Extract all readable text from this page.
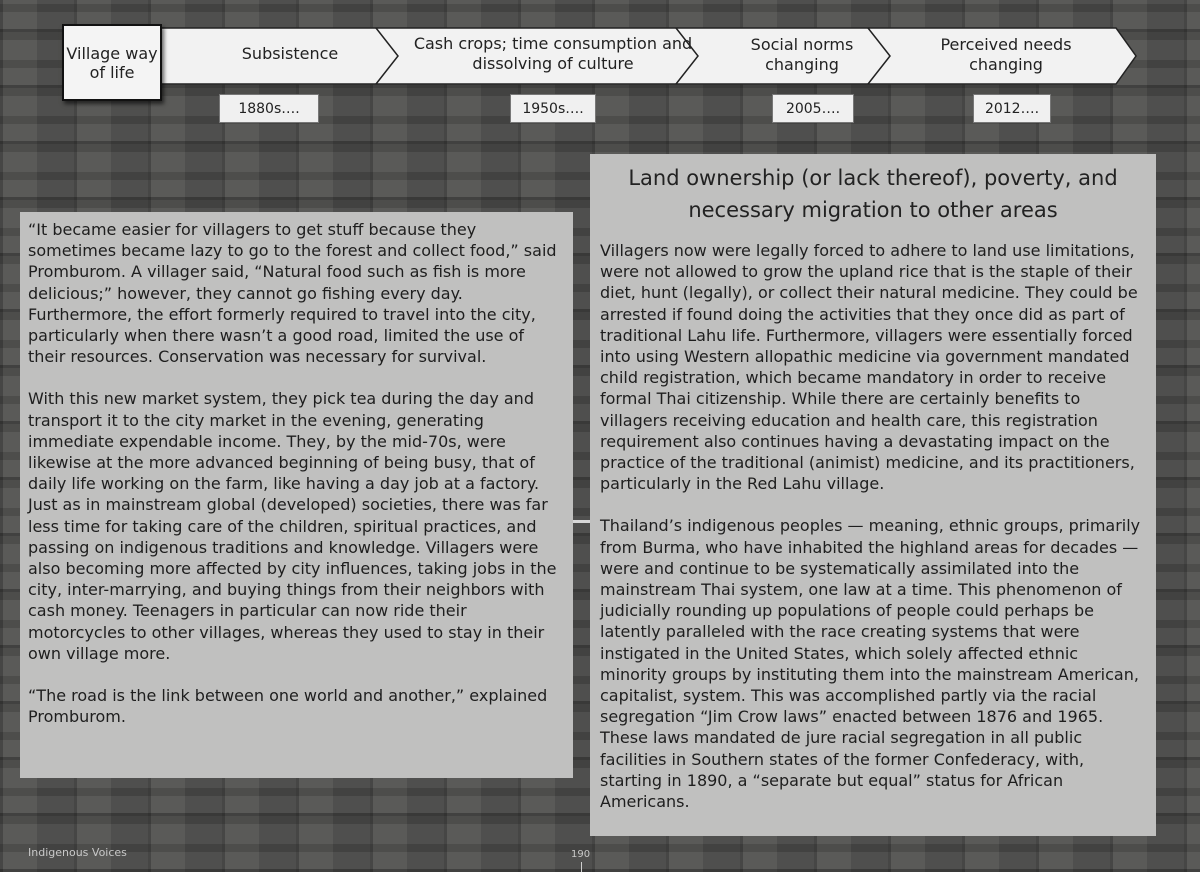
Village way of life
Subsistence
Cash crops; time consumption and dissolving of culture
Social norms changing
Perceived needs changing
1880s….	1950s….	2005….	2012….

“It became easier for villagers to get stuff because they sometimes became lazy to go to the forest and collect food,” said Promburom. A villager said, “Natural food such as fish is more delicious;” however, they cannot go fishing every day. Furthermore, the effort formerly required to travel into the city, particularly when there wasn’t a good road, limited the use of their resources. Conservation was necessary for survival.

With this new market system, they pick tea during the day and transport it to the city market in the evening, generating immediate expendable income. They, by the mid-70s, were likewise at the more advanced beginning of being busy, that of daily life working on the farm, like having a day job at a factory. Just as in mainstream global (developed) societies, there was far less time for taking care of the children, spiritual practices, and passing on indigenous traditions and knowledge. Villagers were also becoming more affected by city influences, taking jobs in the city, inter-marrying, and buying things from their neighbors with cash money. Teenagers in particular can now ride their motorcycles to other villages, whereas they used to stay in their own village more.

“The road is the link between one world and another,” explained Promburom.

Land ownership (or lack thereof), poverty, and necessary migration to other areas

Villagers now were legally forced to adhere to land use limitations, were not allowed to grow the upland rice that is the staple of their diet, hunt (legally), or collect their natural medicine. They could be arrested if found doing the activities that they once did as part of traditional Lahu life. Furthermore, villagers were essentially forced into using Western allopathic medicine via government mandated child registration, which became mandatory in order to receive formal Thai citizenship. While there are certainly benefits to villagers receiving education and health care, this registration requirement also continues having a devastating impact on the practice of the traditional (animist) medicine, and its practitioners, particularly in the Red Lahu village.

Thailand’s indigenous peoples — meaning, ethnic groups, primarily from Burma, who have inhabited the highland areas for decades — were and continue to be systematically assimilated into the mainstream Thai system, one law at a time. This phenomenon of judicially rounding up populations of people could perhaps be latently paralleled with the race creating systems that were instigated in the United States, which solely affected ethnic minority groups by instituting them into the mainstream American, capitalist, system. This was accomplished partly via the racial segregation “Jim Crow laws” enacted between 1876 and 1965. These laws mandated de jure racial segregation in all public facilities in Southern states of the former Confederacy, with, starting in 1890, a “separate but equal” status for African Americans.

Indigenous Voices	190
